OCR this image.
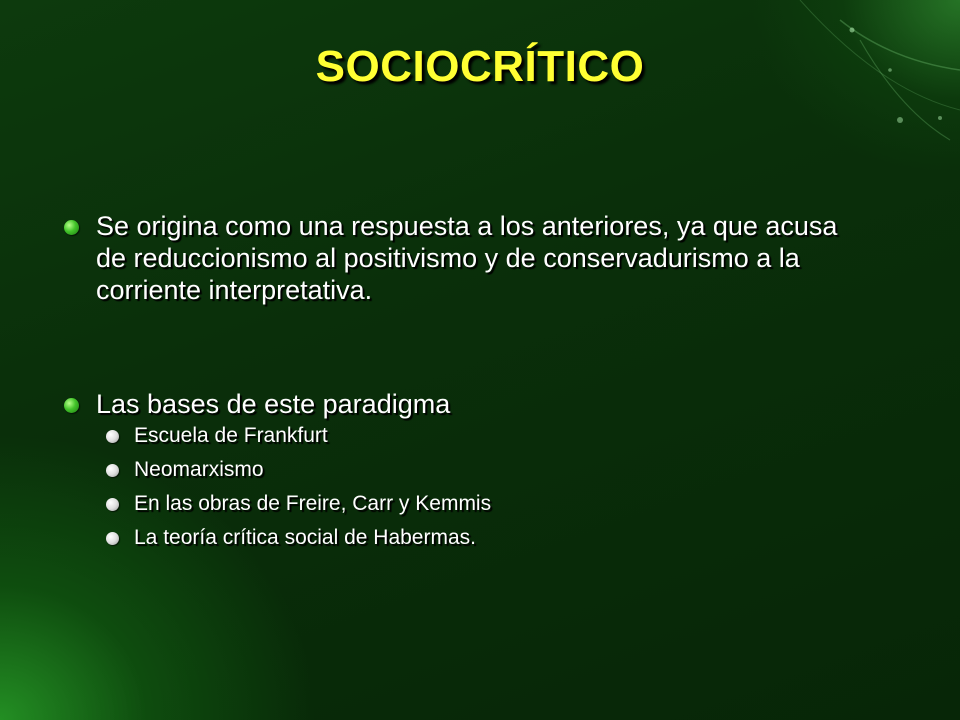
SOCIOCRÍTICO
Se origina como una respuesta a los anteriores, ya que acusa de reduccionismo al positivismo y de conservadurismo a la corriente interpretativa.
Las bases de este paradigma
Escuela de Frankfurt
Neomarxismo
En las obras de Freire, Carr y Kemmis
La teoría crítica social de Habermas.
